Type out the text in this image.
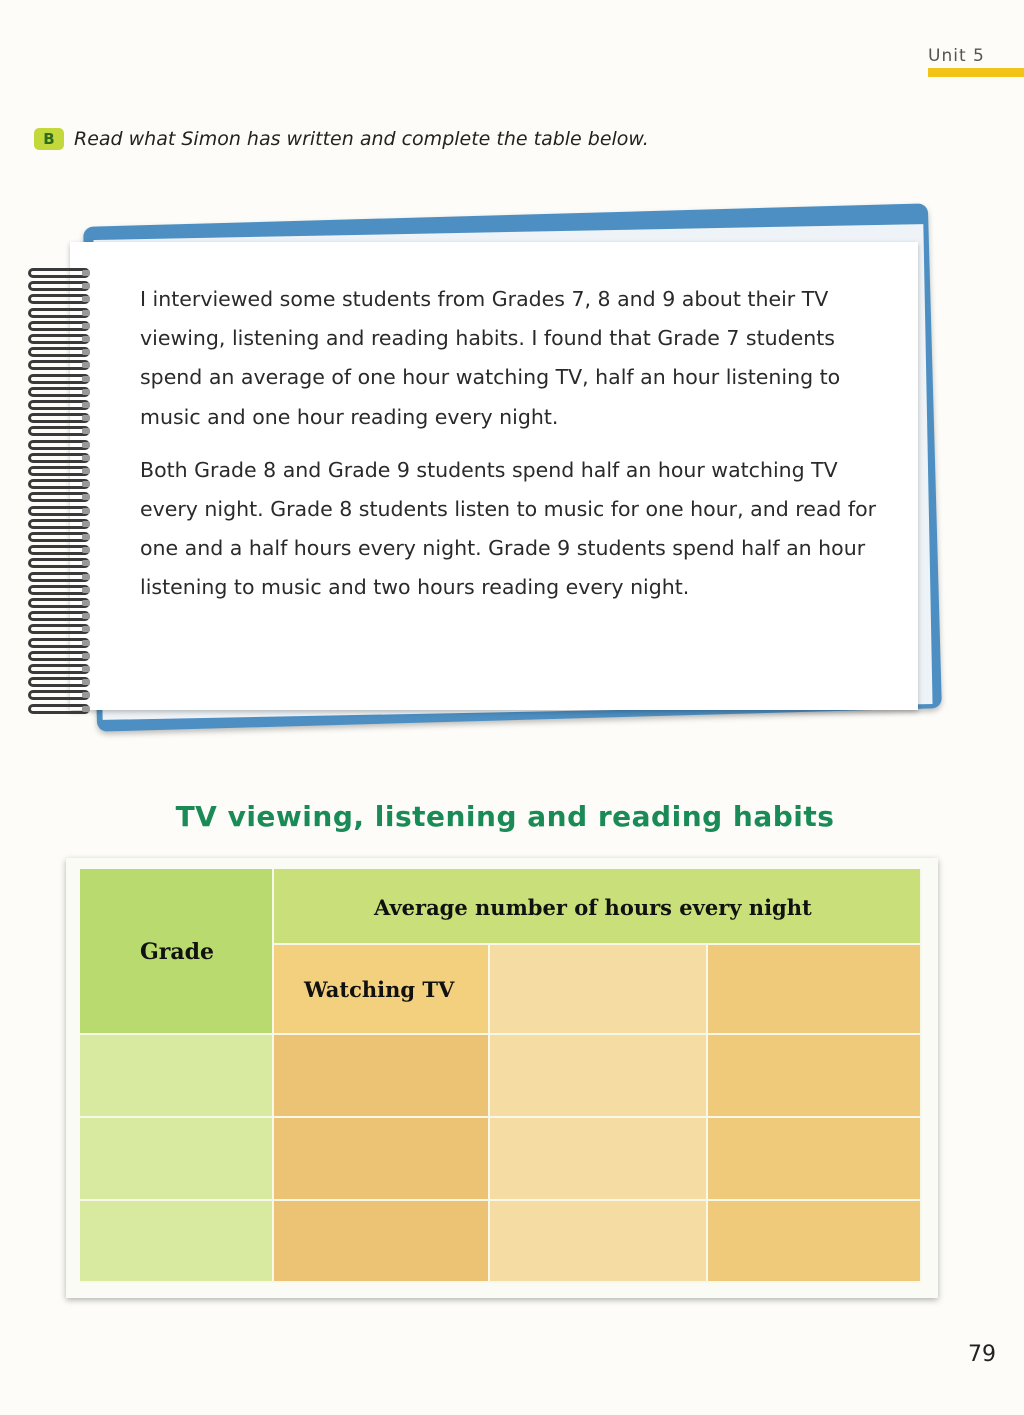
Unit 5
B	Read what Simon has written and complete the table below.

I interviewed some students from Grades 7, 8 and 9 about their TV viewing, listening and reading habits. I found that Grade 7 students spend an average of one hour watching TV, half an hour listening to music and one hour reading every night.

Both Grade 8 and Grade 9 students spend half an hour watching TV every night. Grade 8 students listen to music for one hour, and read for one and a half hours every night. Grade 9 students spend half an hour listening to music and two hours reading every night.

TV viewing, listening and reading habits
Grade
Average number of hours every night
Watching TV
79
